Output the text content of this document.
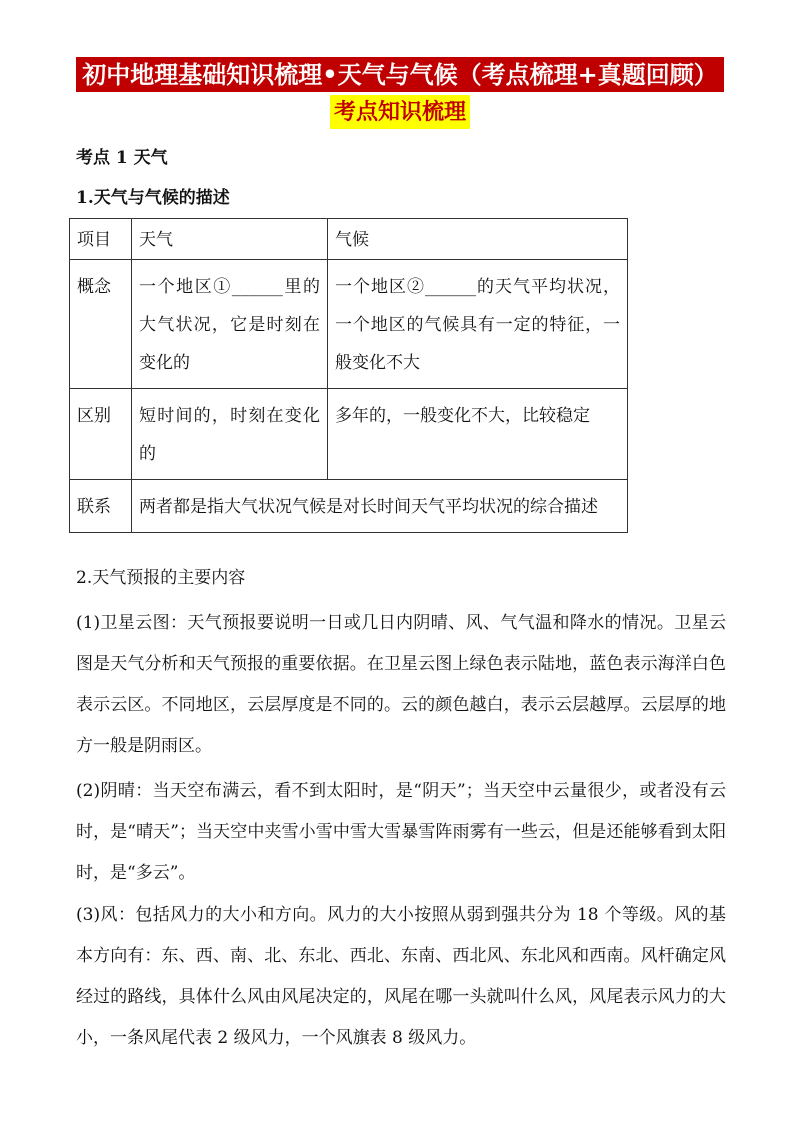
初中地理基础知识梳理•天气与气候（考点梳理+真题回顾）
考点知识梳理
考点 1 天气
1.天气与气候的描述
项目	天气	气候
概念	一个地区①______里的大气状况，它是时刻在变化的	一个地区②______的天气平均状况，一个地区的气候具有一定的特征，一般变化不大
区别	短时间的，时刻在变化的	多年的，一般变化不大，比较稳定
联系	两者都是指大气状况气候是对长时间天气平均状况的综合描述	
2.天气预报的主要内容

(1)卫星云图：天气预报要说明一日或几日内阴晴、风、气气温和降水的情况。卫星云图是天气分析和天气预报的重要依据。在卫星云图上绿色表示陆地，蓝色表示海洋白色表示云区。不同地区，云层厚度是不同的。云的颜色越白，表示云层越厚。云层厚的地方一般是阴雨区。

(2)阴晴：当天空布满云，看不到太阳时，是“阴天”；当天空中云量很少，或者没有云时，是“晴天”；当天空中夹雪小雪中雪大雪暴雪阵雨雾有一些云，但是还能够看到太阳时，是“多云”。

(3)风：包括风力的大小和方向。风力的大小按照从弱到强共分为 18 个等级。风的基本方向有：东、西、南、北、东北、西北、东南、西北风、东北风和西南。风杆确定风经过的路线，具体什么风由风尾决定的，风尾在哪一头就叫什么风，风尾表示风力的大小，一条风尾代表 2 级风力，一个风旗表 8 级风力。
